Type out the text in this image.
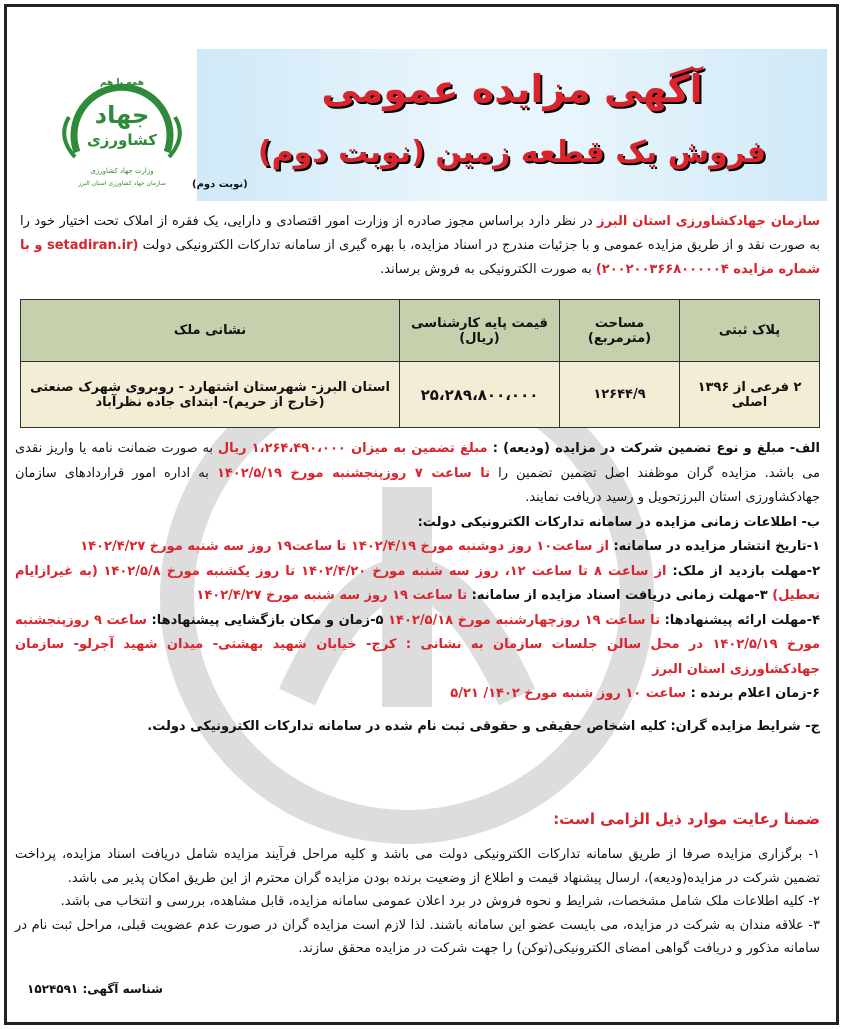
آگهی مزایده عمومی
فروش یک قطعه زمین (نوبت دوم)
(نوبت دوم)
همه با هم
جهاد
کشاورزی
وزارت جهاد کشاورزی
سازمان جهاد کشاورزی استان البرز
سازمان جهادکشاورزی استان البرز در نظر دارد براساس مجوز صادره از وزارت امور اقتصادی و دارایی، یک فقره از املاک تحت اختیار خود را به صورت نقد و از طریق مزایده عمومی و با جزئیات مندرج در اسناد مزایده، با بهره گیری از سامانه تدارکات الکترونیکی دولت (setadiran.ir و با شماره مزایده ۲۰۰۲۰۰۳۶۶۸۰۰۰۰۰۴) به صورت الکترونیکی به فروش برساند.
پلاک ثبتی	مساحت (مترمربع)	قیمت پایه کارشناسی (ریال)	نشانی ملک
۲ فرعی از ۱۳۹۶ اصلی	۱۲۶۴۴/۹	۲۵،۲۸۹،۸۰۰،۰۰۰	استان البرز- شهرستان اشتهارد - روبروی شهرک صنعتی (خارج از حریم)- ابتدای جاده نظرآباد
الف- مبلغ و نوع تضمین شرکت در مزایده (ودیعه) : مبلغ تضمین به میزان ۱،۲۶۴،۴۹۰،۰۰۰ ریال به صورت ضمانت نامه یا واریز نقدی می باشد. مزایده گران موظفند اصل تضمین تضمین را تا ساعت ۷ روزپنجشنبه مورخ ۱۴۰۲/۵/۱۹ به اداره امور قراردادهای سازمان جهادکشاورزی استان البرزتحویل و رسید دریافت نمایند.
ب- اطلاعات زمانی مزایده در سامانه تدارکات الکترونیکی دولت:
۱-تاریخ انتشار مزایده در سامانه: از ساعت۱۰ روز دوشنبه مورخ ۱۴۰۲/۴/۱۹ تا ساعت۱۹ روز سه شنبه مورخ ۱۴۰۲/۴/۲۷
۲-مهلت بازدید از ملک: از ساعت ۸ تا ساعت ۱۲، روز سه شنبه مورخ ۱۴۰۲/۴/۲۰ تا روز یکشنبه مورخ ۱۴۰۲/۵/۸ (به غیرازایام تعطیل) ۳-مهلت زمانی دریافت اسناد مزایده از سامانه: تا ساعت ۱۹ روز سه شنبه مورخ ۱۴۰۲/۴/۲۷
۴-مهلت ارائه پیشنهادها: تا ساعت ۱۹ روزچهارشنبه مورخ ۱۴۰۲/۵/۱۸ ۵-زمان و مکان بازگشایی پیشنهادها: ساعت ۹ روزپنجشنبه مورخ ۱۴۰۲/۵/۱۹ در محل سالن جلسات سازمان به نشانی : کرج- خیابان شهید بهشتی- میدان شهید آجرلو- سازمان جهادکشاورزی استان البرز
۶-زمان اعلام برنده : ساعت ۱۰ روز شنبه مورخ ۱۴۰۲/ ۵/۲۱
ج- شرایط مزایده گران: کلیه اشخاص حقیقی و حقوقی ثبت نام شده در سامانه تدارکات الکترونیکی دولت.
ضمنا رعایت موارد ذیل الزامی است:
۱- برگزاری مزایده صرفا از طریق سامانه تدارکات الکترونیکی دولت می باشد و کلیه مراحل فرآیند مزایده شامل دریافت اسناد مزایده، پرداخت تضمین شرکت در مزایده(ودیعه)، ارسال پیشنهاد قیمت و اطلاع از وضعیت برنده بودن مزایده گران محترم از این طریق امکان پذیر می باشد.
۲- کلیه اطلاعات ملک شامل مشخصات، شرایط و نحوه فروش در برد اعلان عمومی سامانه مزایده، قابل مشاهده، بررسی و انتخاب می باشد.
۳- علاقه مندان به شرکت در مزایده، می بایست عضو این سامانه باشند. لذا لازم است مزایده گران در صورت عدم عضویت قبلی، مراحل ثبت نام در سامانه مذکور و دریافت گواهی امضای الکترونیکی(توکن) را جهت شرکت در مزایده محقق سازند.
شناسه آگهی: ۱۵۲۴۵۹۱
